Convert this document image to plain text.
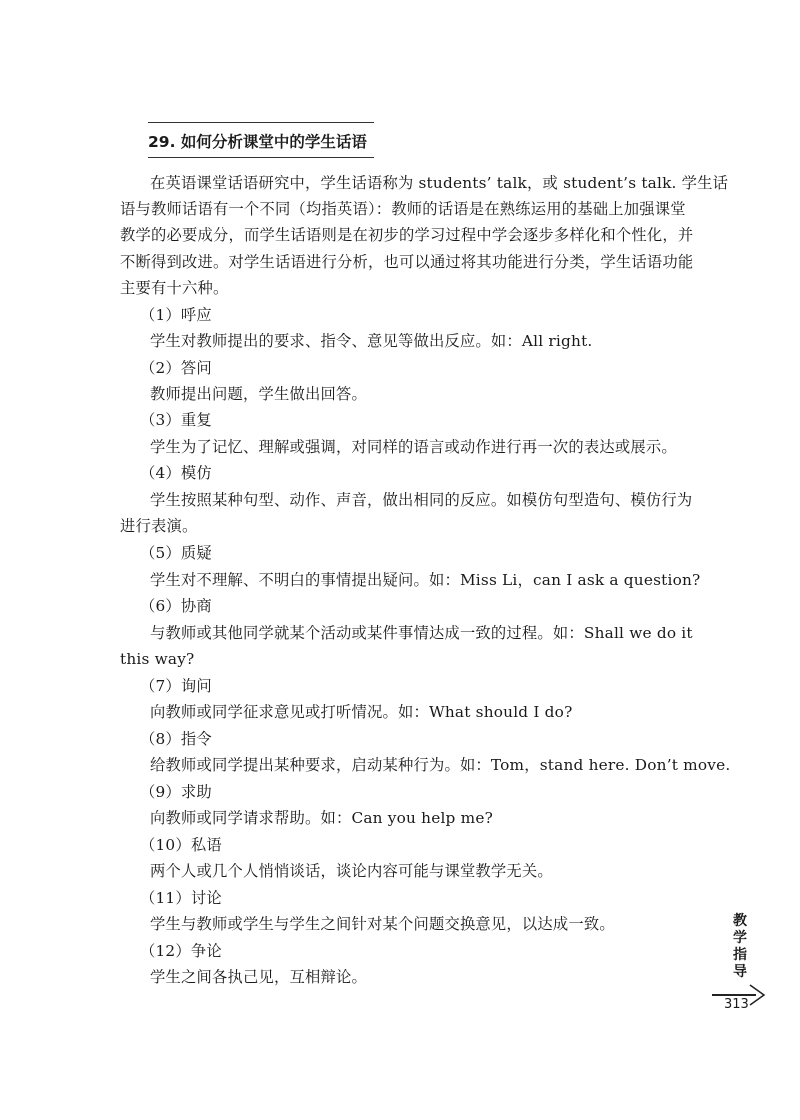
29. 如何分析课堂中的学生话语
在英语课堂话语研究中，学生话语称为 students’ talk，或 student’s talk. 学生话
语与教师话语有一个不同（均指英语）：教师的话语是在熟练运用的基础上加强课堂
教学的必要成分，而学生话语则是在初步的学习过程中学会逐步多样化和个性化，并
不断得到改进。对学生话语进行分析，也可以通过将其功能进行分类，学生话语功能
主要有十六种。
（1）呼应
学生对教师提出的要求、指令、意见等做出反应。如：All right.
（2）答问
教师提出问题，学生做出回答。
（3）重复
学生为了记忆、理解或强调，对同样的语言或动作进行再一次的表达或展示。
（4）模仿
学生按照某种句型、动作、声音，做出相同的反应。如模仿句型造句、模仿行为
进行表演。
（5）质疑
学生对不理解、不明白的事情提出疑问。如：Miss Li，can I ask a question?
（6）协商
与教师或其他同学就某个活动或某件事情达成一致的过程。如：Shall we do it
this way?
（7）询问
向教师或同学征求意见或打听情况。如：What should I do?
（8）指令
给教师或同学提出某种要求，启动某种行为。如：Tom，stand here. Don’t move.
（9）求助
向教师或同学请求帮助。如：Can you help me?
（10）私语
两个人或几个人悄悄谈话，谈论内容可能与课堂教学无关。
（11）讨论
学生与教师或学生与学生之间针对某个问题交换意见，以达成一致。
（12）争论
学生之间各执己见，互相辩论。
教
学
指
导
313
